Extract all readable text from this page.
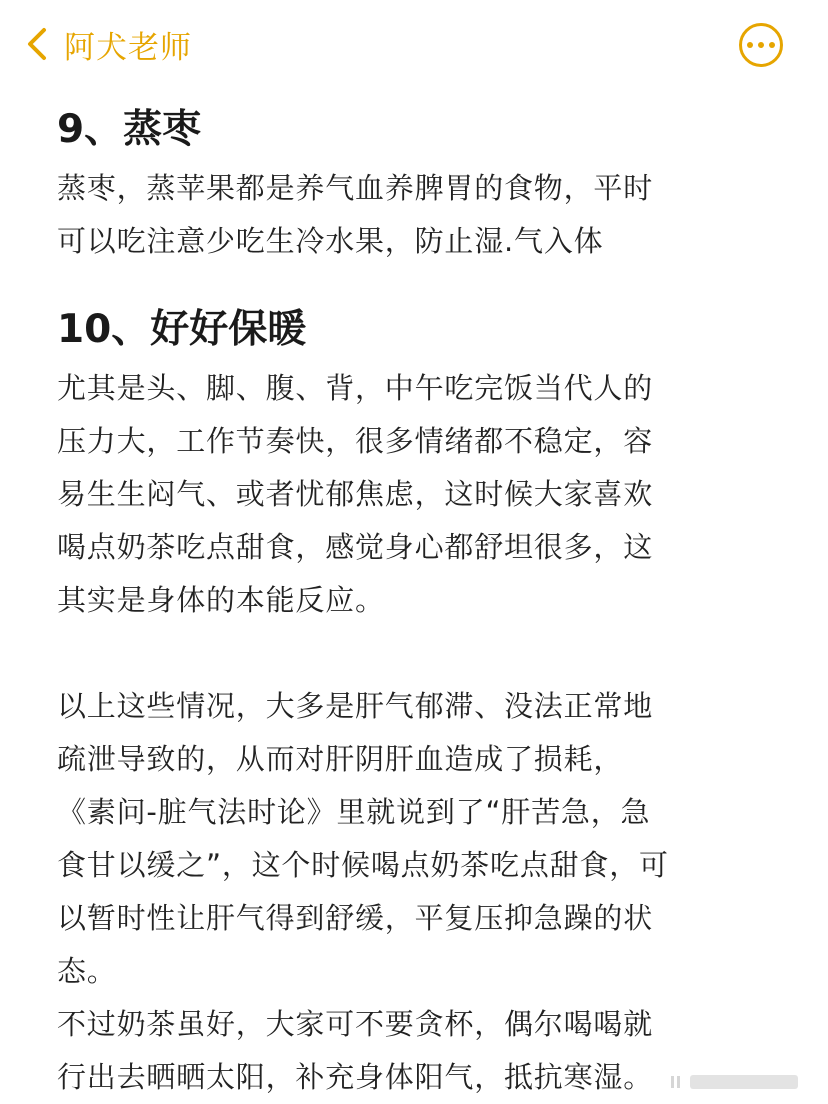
阿犬老师
9、蒸枣
蒸枣，蒸苹果都是养气血养脾胃的食物，平时
可以吃注意少吃生冷水果，防止湿.气入体
10、好好保暖
尤其是头、脚、腹、背，中午吃完饭当代人的
压力大，工作节奏快，很多情绪都不稳定，容
易生生闷气、或者忧郁焦虑，这时候大家喜欢
喝点奶茶吃点甜食，感觉身心都舒坦很多，这
其实是身体的本能反应。
以上这些情况，大多是肝气郁滞、没法正常地
疏泄导致的，从而对肝阴肝血造成了损耗，
《素问-脏气法时论》里就说到了“肝苦急，急
食甘以缓之”，这个时候喝点奶茶吃点甜食，可
以暂时性让肝气得到舒缓，平复压抑急躁的状
态。
不过奶茶虽好，大家可不要贪杯，偶尔喝喝就
行出去晒晒太阳，补充身体阳气，抵抗寒湿。
